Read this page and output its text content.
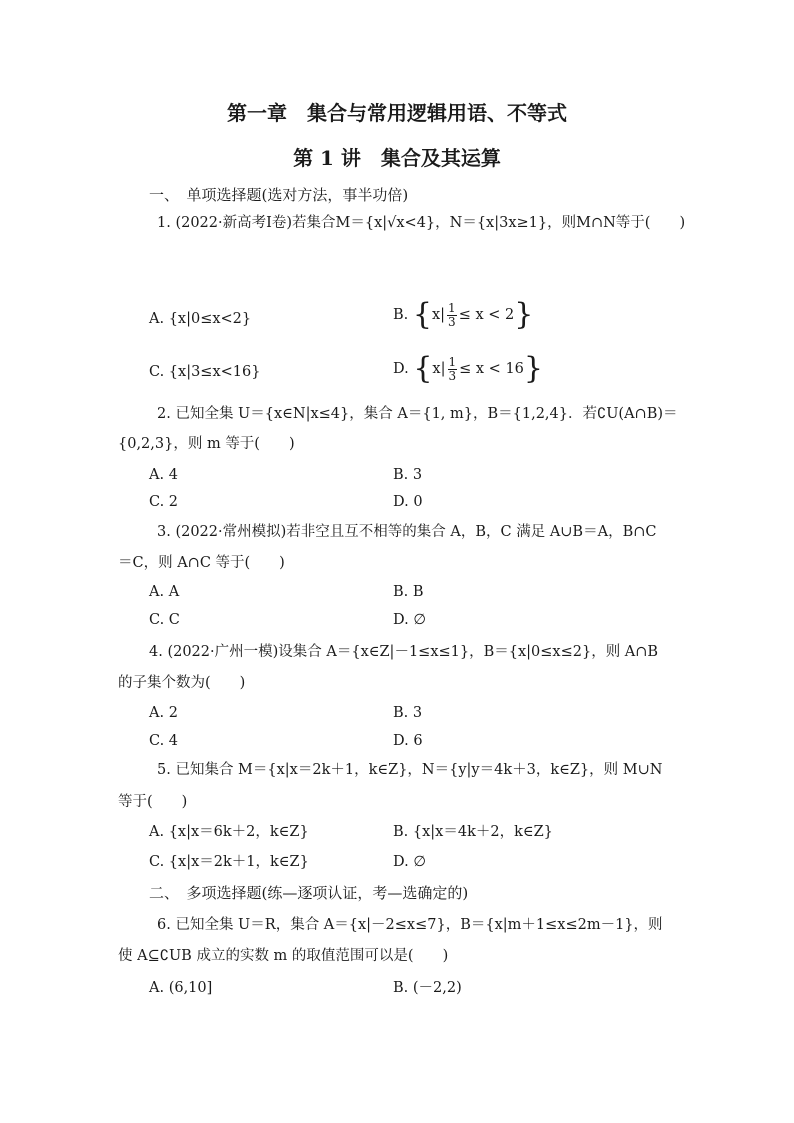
第一章　集合与常用逻辑用语、不等式
第 1 讲　集合及其运算
一、　单项选择题(选对方法，事半功倍)
1. (2022·新高考Ⅰ卷)若集合M＝{x|√x<4}，N＝{x|3x≥1}，则M∩N等于(　　)
A. {x|0≤x<2}	B. $\{x| \frac{1}{3} \le x < 2\}$
C. {x|3≤x<16}	D. $\{x| \frac{1}{3} \le x < 16\}$
2. 已知全集 U＝{x∈N|x≤4}，集合 A＝{1, m}，B＝{1,2,4}．若∁U(A∩B)＝
{0,2,3}，则 m 等于(　　)
A. 4	B. 3
C. 2	D. 0
3. (2022·常州模拟)若非空且互不相等的集合 A，B，C 满足 A∪B＝A，B∩C
＝C，则 A∩C 等于(　　)
A. A	B. B
C. C	D. ∅
4. (2022·广州一模)设集合 A＝{x∈Z|－1≤x≤1}，B＝{x|0≤x≤2}，则 A∩B
的子集个数为(　　)
A. 2	B. 3
C. 4	D. 6
5. 已知集合 M＝{x|x＝2k＋1，k∈Z}，N＝{y|y＝4k＋3，k∈Z}，则 M∪N
等于(　　)
A. {x|x＝6k＋2，k∈Z}	B. {x|x＝4k＋2，k∈Z}
C. {x|x＝2k＋1，k∈Z}	D. ∅
二、　多项选择题(练—逐项认证，考—选确定的)
6. 已知全集 U＝R，集合 A＝{x|－2≤x≤7}，B＝{x|m＋1≤x≤2m－1}，则
使 A⊆∁UB 成立的实数 m 的取值范围可以是(　　)
A. (6,10]	B. (－2,2)
